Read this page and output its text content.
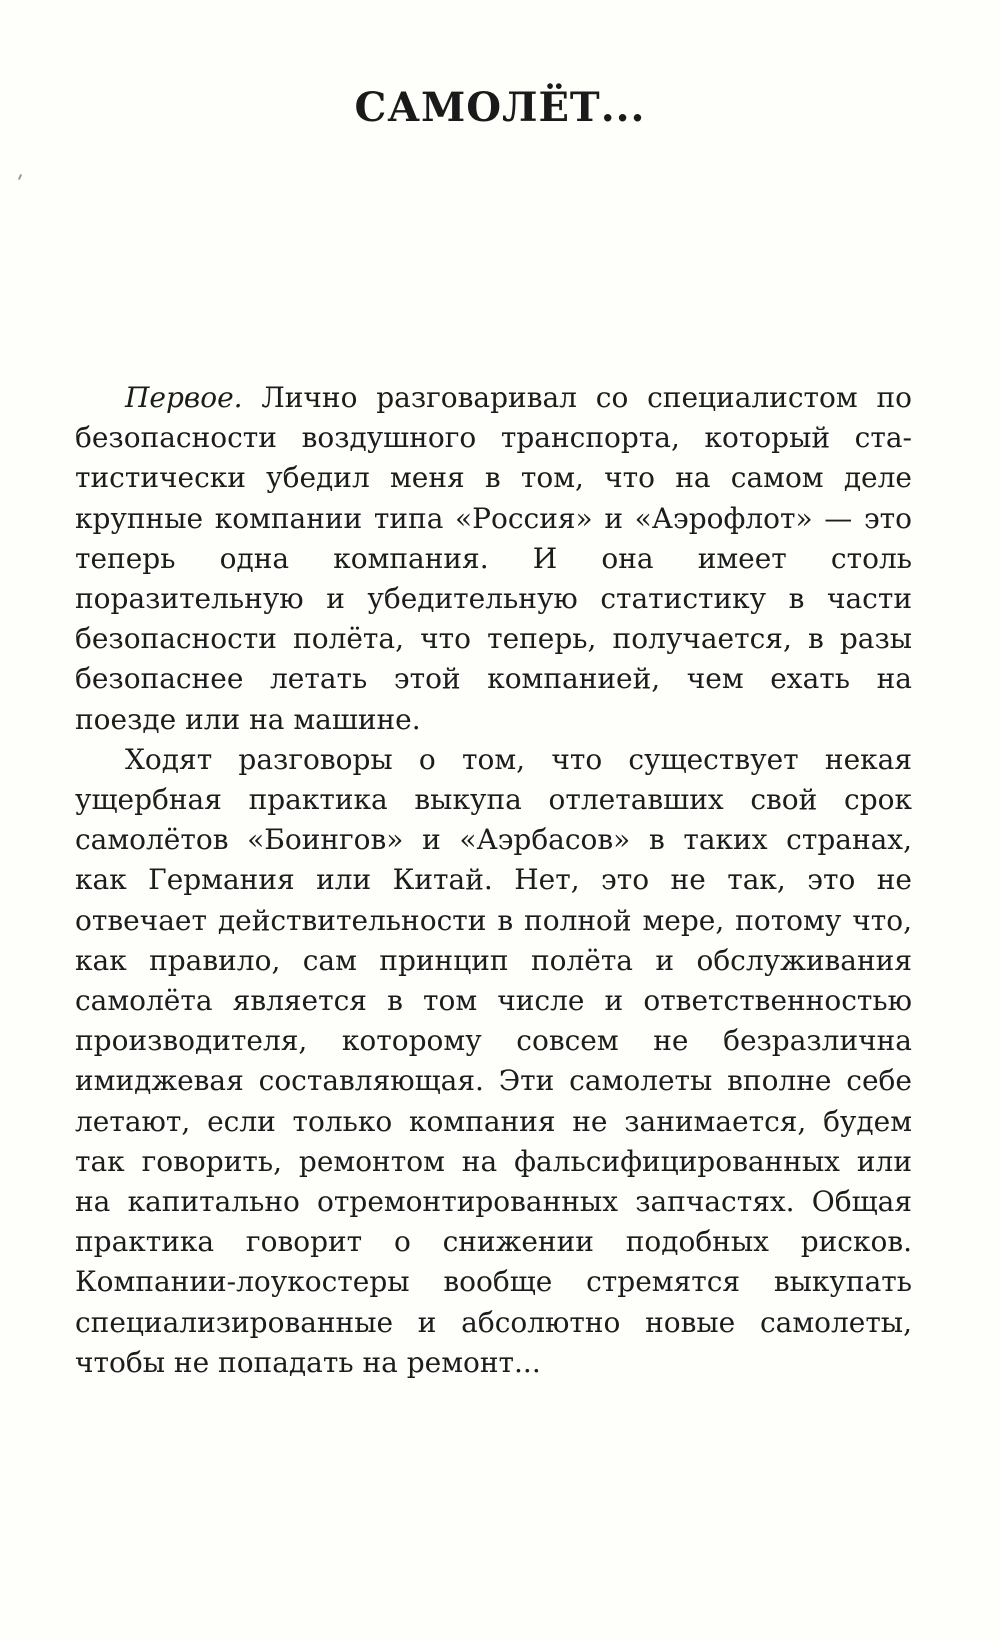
САМОЛЁТ...

Первое. Лично разговаривал со специалистом по безопасности воздушного транспорта, который статистически убедил меня в том, что на самом деле крупные компании типа «Россия» и «Аэрофлот» — это теперь одна компания. И она имеет столь поразительную и убедительную статистику в части безопасности полёта, что теперь, получается, в разы безопаснее летать этой компанией, чем ехать на поезде или на машине.

Ходят разговоры о том, что существует некая ущербная практика выкупа отлетавших свой срок самолётов «Боингов» и «Аэрбасов» в таких странах, как Германия или Китай. Нет, это не так, это не отвечает действительности в полной мере, потому что, как правило, сам принцип полёта и обслуживания самолёта является в том числе и ответственностью производителя, которому совсем не безразлична имиджевая составляющая. Эти самолеты вполне себе летают, если только компания не занимается, будем так говорить, ремонтом на фальсифицированных или на капитально отремонтированных запчастях. Общая практика говорит о снижении подобных рисков. Компании-лоукостеры вообще стремятся выкупать специализированные и абсолютно новые самолеты, чтобы не попадать на ремонт...
